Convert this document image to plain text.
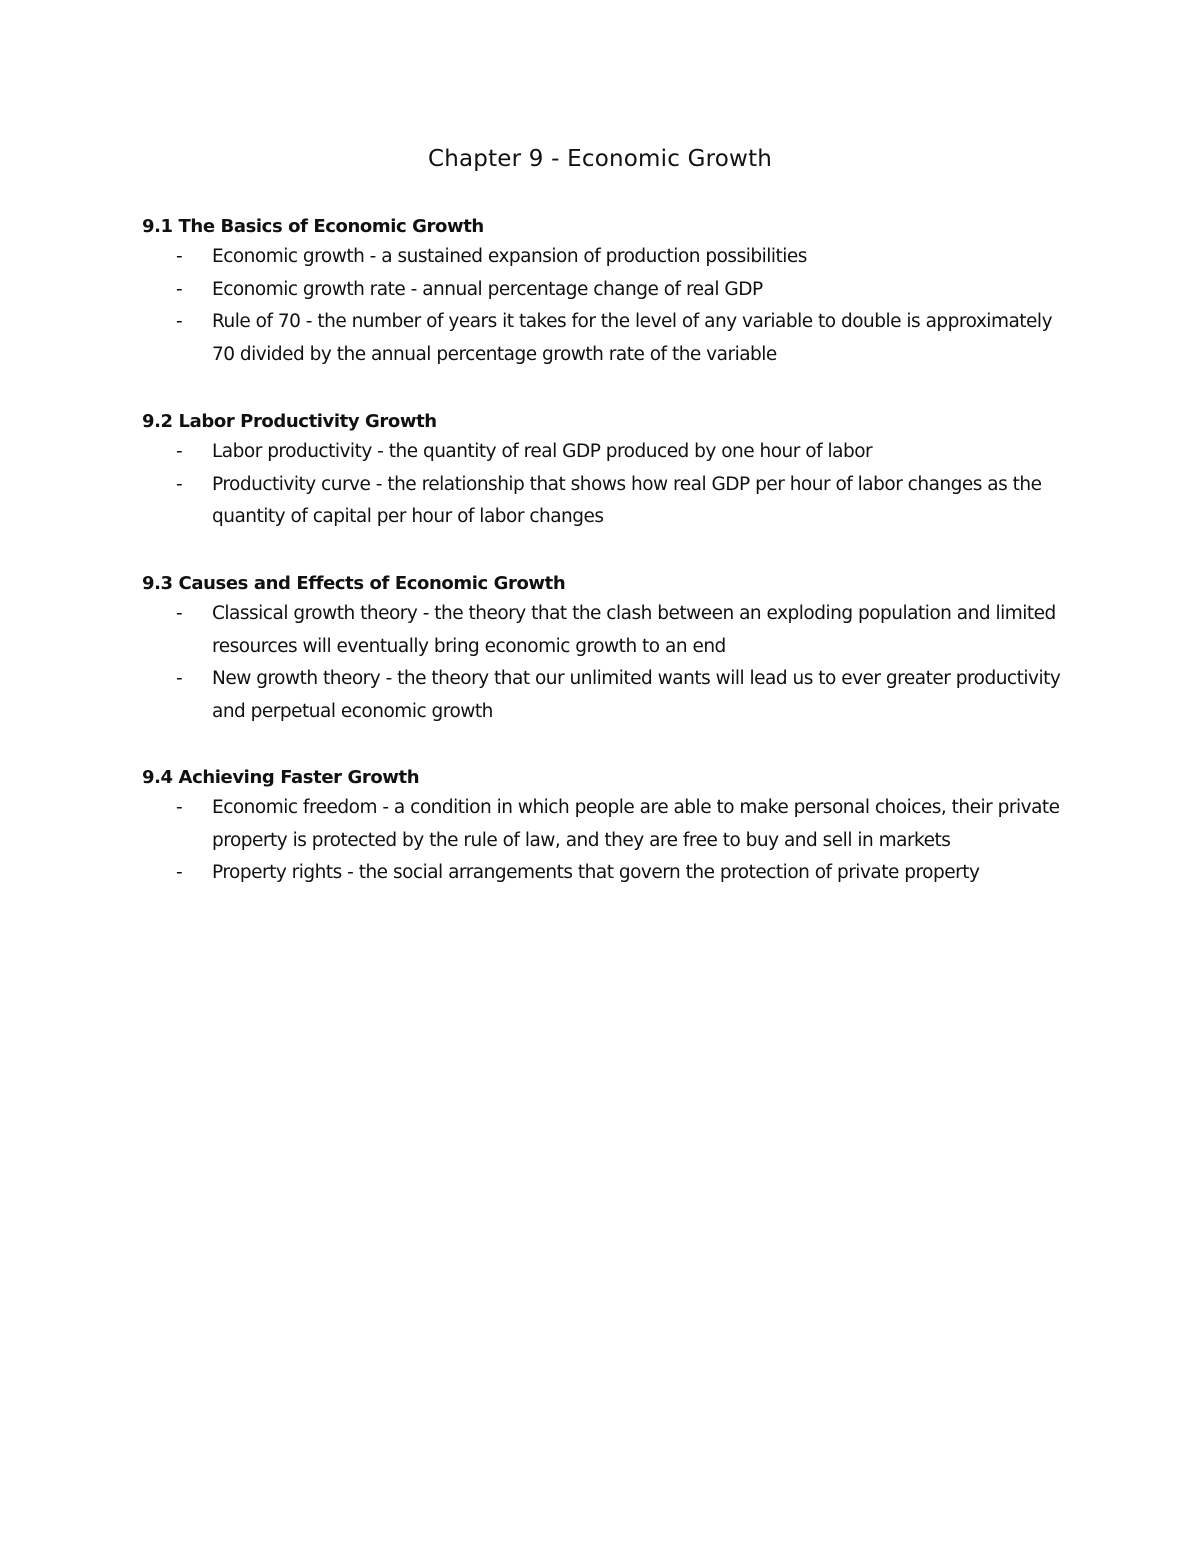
Chapter 9 - Economic Growth
9.1 The Basics of Economic Growth
- Economic growth - a sustained expansion of production possibilities
- Economic growth rate - annual percentage change of real GDP
- Rule of 70 - the number of years it takes for the level of any variable to double is approximately 70 divided by the annual percentage growth rate of the variable
9.2 Labor Productivity Growth
- Labor productivity - the quantity of real GDP produced by one hour of labor
- Productivity curve - the relationship that shows how real GDP per hour of labor changes as the quantity of capital per hour of labor changes
9.3 Causes and Effects of Economic Growth
- Classical growth theory - the theory that the clash between an exploding population and limited resources will eventually bring economic growth to an end
- New growth theory - the theory that our unlimited wants will lead us to ever greater productivity and perpetual economic growth
9.4 Achieving Faster Growth
- Economic freedom - a condition in which people are able to make personal choices, their private property is protected by the rule of law, and they are free to buy and sell in markets
- Property rights - the social arrangements that govern the protection of private property
